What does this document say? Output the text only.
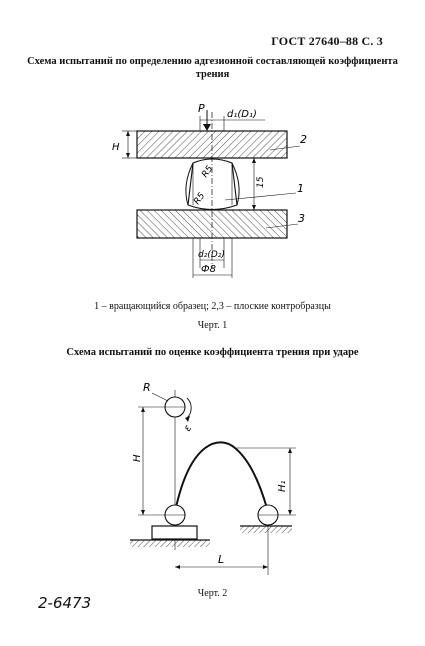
ГОСТ 27640–88 С. 3
Схема испытаний по определению адгезионной составляющей коэффициента трения
P d₁(D₁)
H
2
R5
R5
15	1
3
d₂(D₂)
Ф8
ε
R
H
H₁
L
1 – вращающийся образец; 2,3 – плоские контробразцы
Черт. 1
Схема испытаний по оценке коэффициента трения при ударе
Черт. 2
2-6473
